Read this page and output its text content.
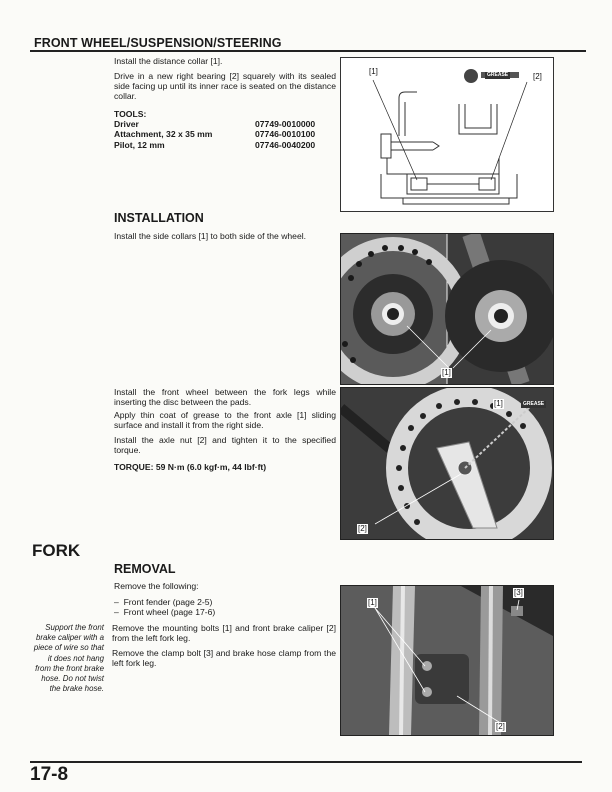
FRONT WHEEL/SUSPENSION/STEERING
Install the distance collar [1].
Drive in a new right bearing [2] squarely with its sealed side facing up until its inner race is seated on the distance collar.
TOOLS:
Driver	07749-0010000
Attachment, 32 x 35 mm	07746-0010100
Pilot, 12 mm	07746-0040200
[1]
[2]
GREASE
INSTALLATION
Install the side collars [1] to both side of the wheel.
[1]
Install the front wheel between the fork legs while inserting the disc between the pads.
Apply thin coat of grease to the front axle [1] sliding surface and install it from the right side.
Install the axle nut [2] and tighten it to the specified torque.
TORQUE: 59 N·m (6.0 kgf·m, 44 lbf·ft)
[1]	GREASE
[2]
FORK
REMOVAL
Remove the following:
–  Front fender (page 2-5)
–  Front wheel (page 17-6)
Support the front brake caliper with a piece of wire so that it does not hang from the front brake hose. Do not twist the brake hose.
Remove the mounting bolts [1] and front brake caliper [2] from the left fork leg.
Remove the clamp bolt [3] and brake hose clamp from the left fork leg.
[1]
[3]
[2]
17-8
